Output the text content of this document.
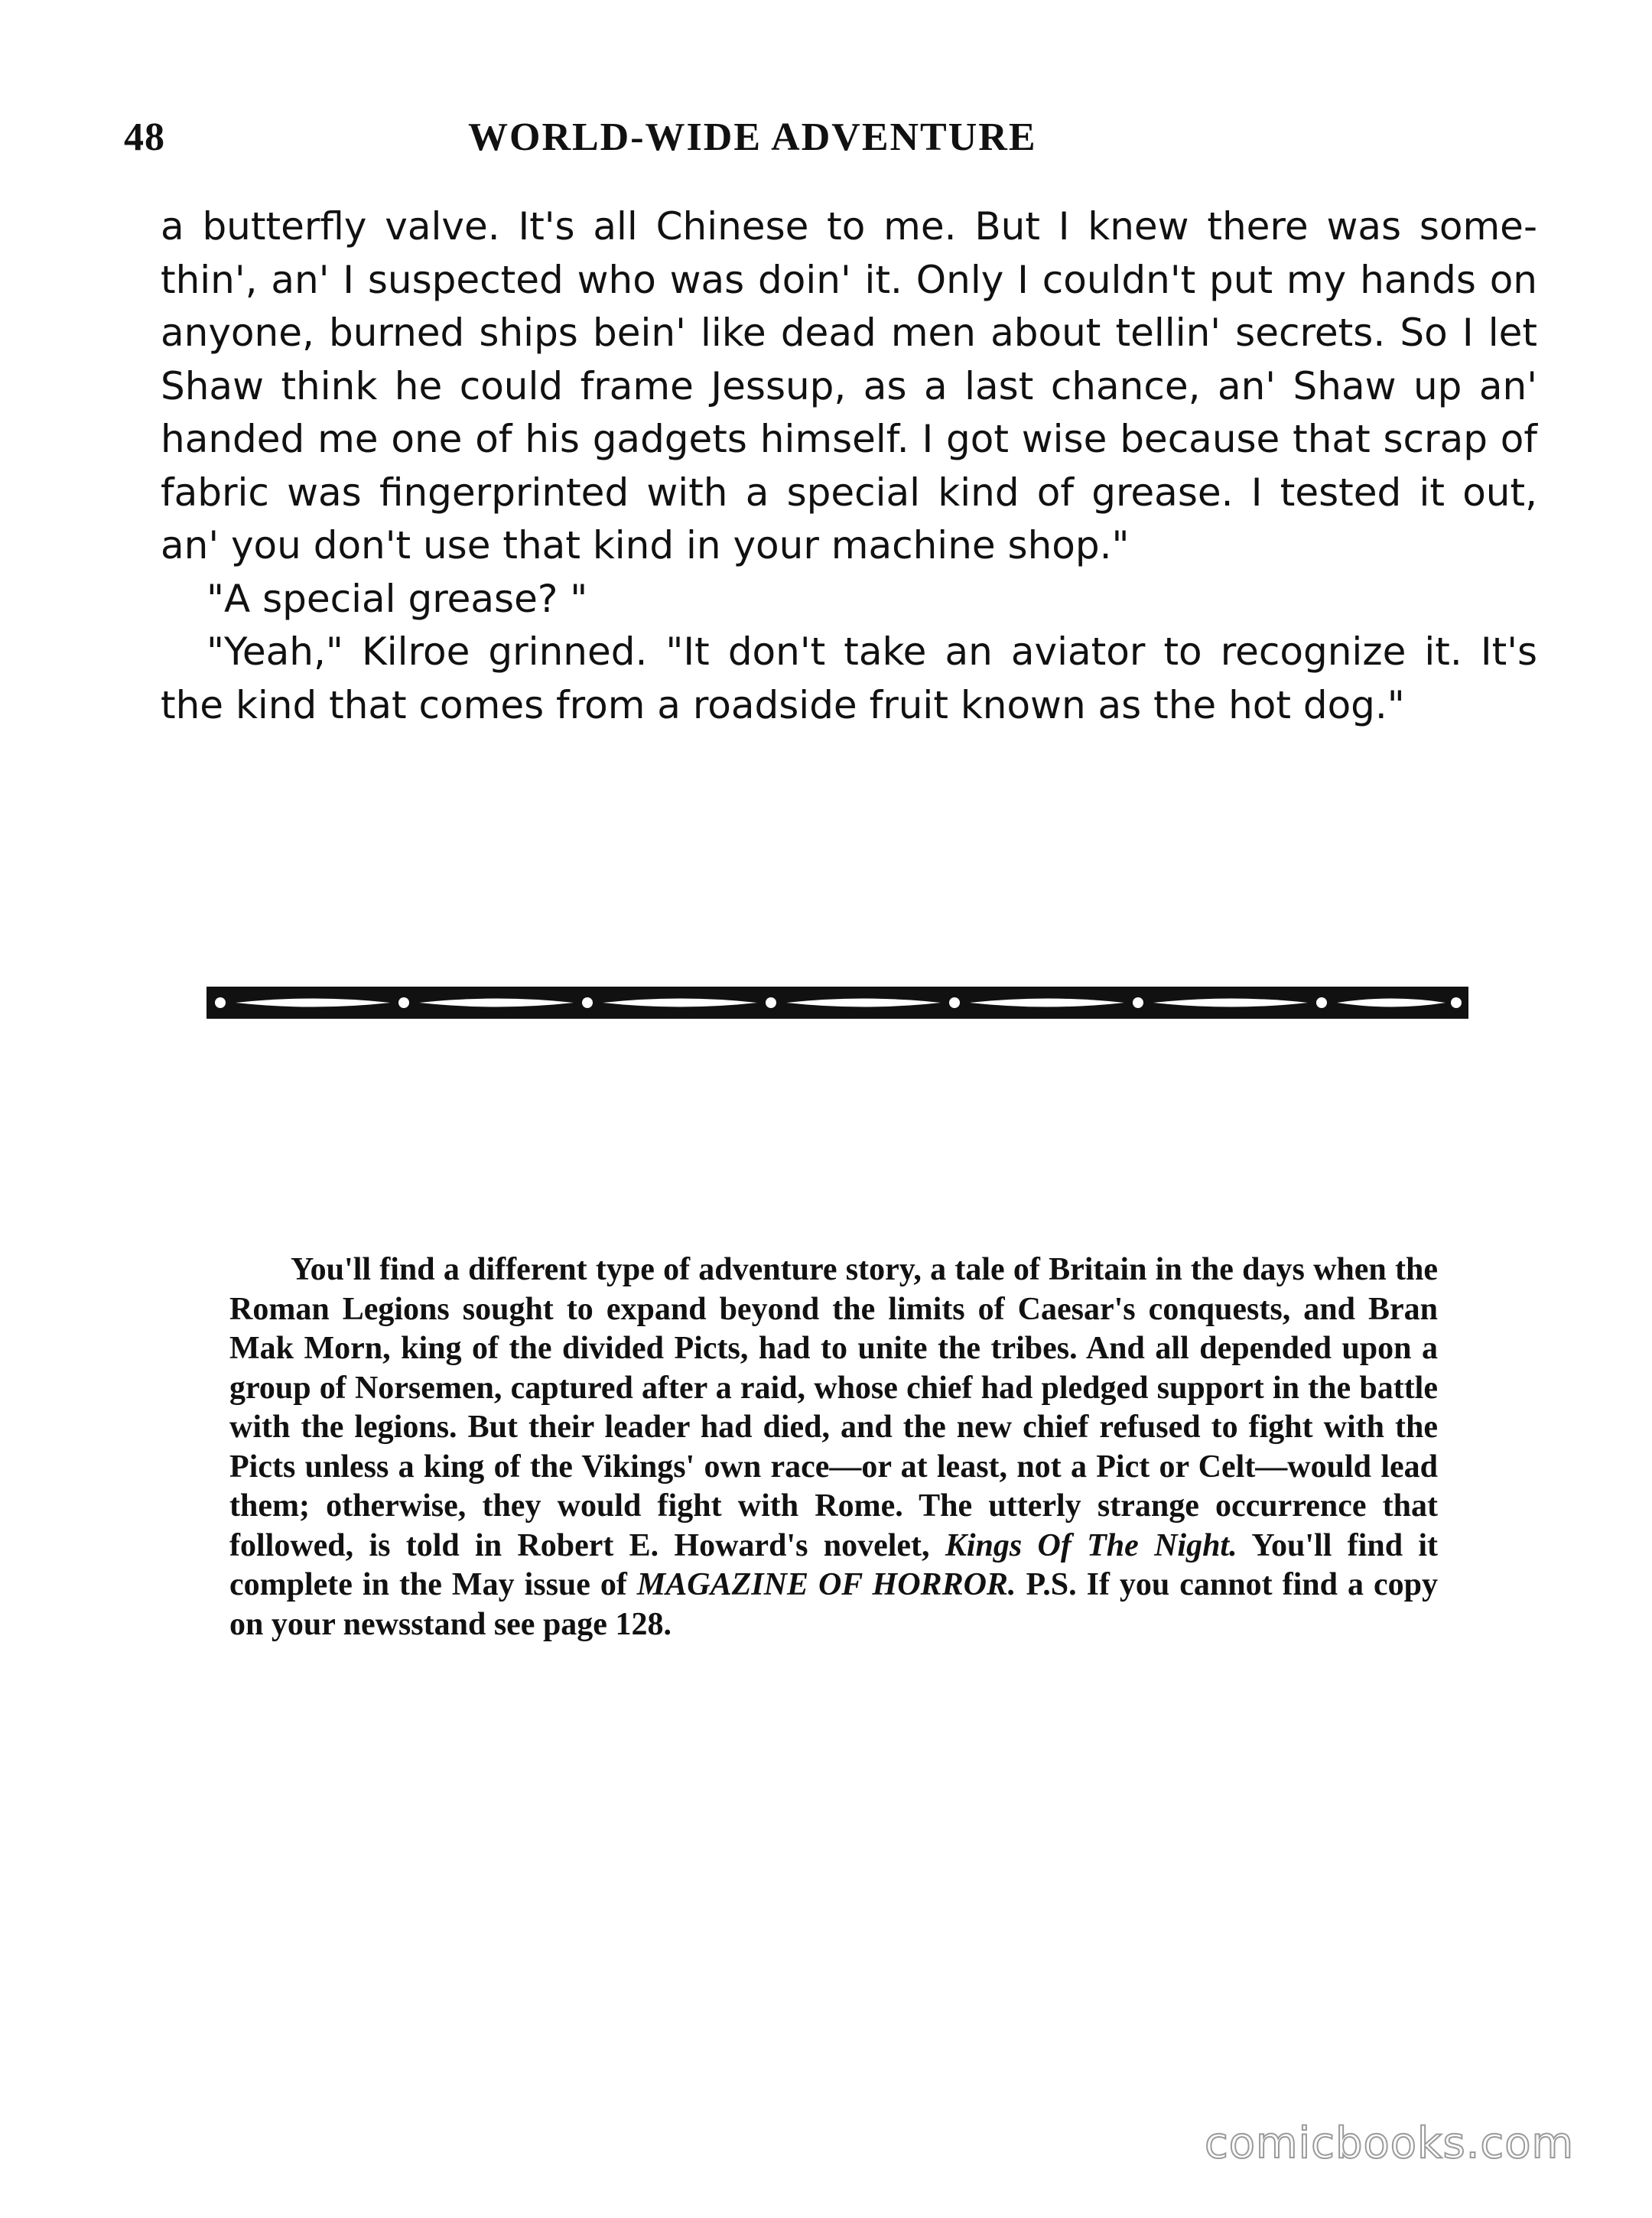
48	WORLD-WIDE ADVENTURE

a butterfly valve. It's all Chinese to me. But I knew there was some-thin', an' I suspected who was doin' it. Only I couldn't put my hands on anyone, burned ships bein' like dead men about tellin' secrets. So I let Shaw think he could frame Jessup, as a last chance, an' Shaw up an' handed me one of his gadgets himself. I got wise because that scrap of fabric was fingerprinted with a special kind of grease. I tested it out, an' you don't use that kind in your machine shop."

"A special grease? "

"Yeah," Kilroe grinned. "It don't take an aviator to recognize it. It's the kind that comes from a roadside fruit known as the hot dog."

You'll find a different type of adventure story, a tale of Britain in the days when the Roman Legions sought to expand beyond the limits of Caesar's conquests, and Bran Mak Morn, king of the divided Picts, had to unite the tribes. And all depended upon a group of Norsemen, captured after a raid, whose chief had pledged support in the battle with the legions. But their leader had died, and the new chief refused to fight with the Picts unless a king of the Vikings' own race—or at least, not a Pict or Celt—would lead them; otherwise, they would fight with Rome. The utterly strange occurrence that followed, is told in Robert E. Howard's novelet, Kings Of The Night. You'll find it complete in the May issue of MAGAZINE OF HORROR. P.S. If you cannot find a copy on your newsstand see page 128.

comicbooks.com
